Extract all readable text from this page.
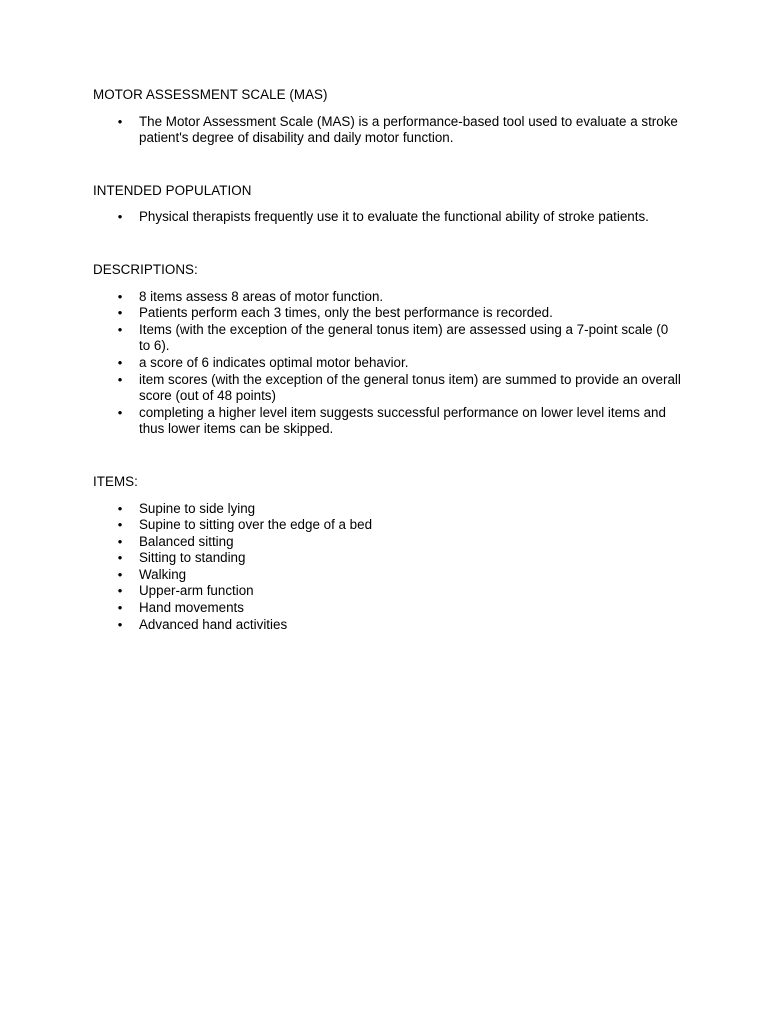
MOTOR ASSESSMENT SCALE (MAS)
• The Motor Assessment Scale (MAS) is a performance-based tool used to evaluate a stroke patient's degree of disability and daily motor function.
INTENDED POPULATION
• Physical therapists frequently use it to evaluate the functional ability of stroke patients.
DESCRIPTIONS:
• 8 items assess 8 areas of motor function.
• Patients perform each 3 times, only the best performance is recorded.
• Items (with the exception of the general tonus item) are assessed using a 7-point scale (0 to 6).
• a score of 6 indicates optimal motor behavior.
• item scores (with the exception of the general tonus item) are summed to provide an overall score (out of 48 points)
• completing a higher level item suggests successful performance on lower level items and thus lower items can be skipped.
ITEMS:
• Supine to side lying
• Supine to sitting over the edge of a bed
• Balanced sitting
• Sitting to standing
• Walking
• Upper-arm function
• Hand movements
• Advanced hand activities
